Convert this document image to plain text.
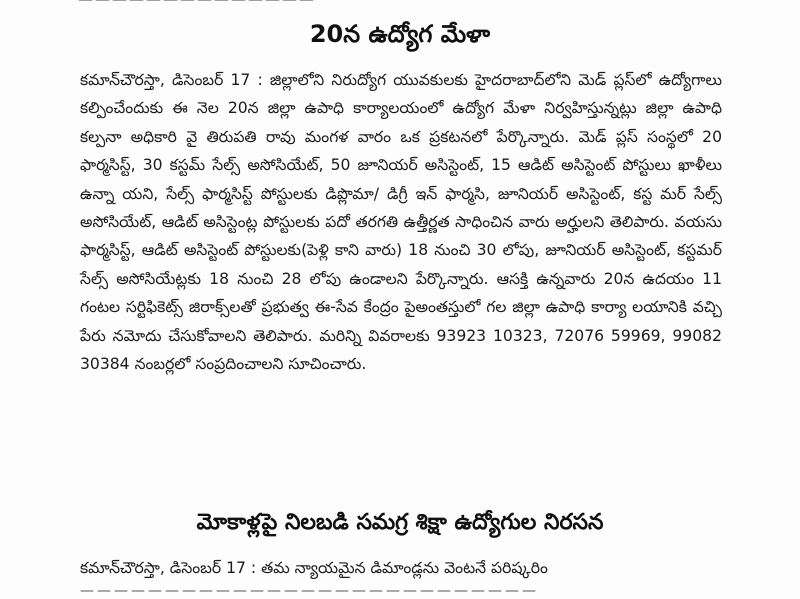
20న ఉద్యోగ మేళా

కమాన్‌చౌరస్తా, డిసెంబర్ 17 : జిల్లాలోని నిరుద్యోగ యువకులకు హైదరాబాద్‌లోని మెడ్ ప్లస్‌లో ఉద్యోగాలు కల్పించేందుకు ఈ నెల 20న జిల్లా ఉపాధి కార్యాలయంలో ఉద్యోగ మేళా నిర్వహిస్తున్నట్లు జిల్లా ఉపాధి కల్పనా అధికారి వై తిరుపతి రావు మంగళ వారం ఒక ప్రకటనలో పేర్కొన్నారు. మెడ్ ప్లస్ సంస్థలో 20 ఫార్మసిస్ట్, 30 కస్టమ్ సేల్స్ అసోసియేట్, 50 జూనియర్ అసిస్టెంట్, 15 ఆడిట్ అసిస్టెంట్ పోస్టులు ఖాళీలు ఉన్నా యని, సేల్స్ ఫార్మసిస్ట్ పోస్టులకు డిప్లొమా/ డిగ్రీ ఇన్ ఫార్మసి, జూనియర్ అసిస్టెంట్, కస్ట మర్ సేల్స్ అసోసియేట్, ఆడిట్ అసిస్టెంట్ల పోస్టులకు పదో తరగతి ఉత్తీర్ణత సాధించిన వారు అర్హులని తెలిపారు. వయసు ఫార్మసిస్ట్, ఆడిట్ అసిస్టెంట్ పోస్టులకు(పెళ్లి కాని వారు) 18 నుంచి 30 లోపు, జూనియర్ అసిస్టెంట్, కస్టమర్ సేల్స్ అసోసియేట్లకు 18 నుంచి 28 లోపు ఉండాలని పేర్కొన్నారు. ఆసక్తి ఉన్నవారు 20న ఉదయం 11 గంటల సర్టిఫికెట్స్ జిరాక్స్‌లతో ప్రభుత్వ ఈ-సేవ కేంద్రం పైఅంతస్తులో గల జిల్లా ఉపాధి కార్యా లయానికి వచ్చి పేరు నమోదు చేసుకోవాలని తెలిపారు. మరిన్ని వివరాలకు 93923 10323, 72076 59969, 99082 30384 నంబర్లలో సంప్రదించాలని సూచించారు.

మోకాళ్లపై నిలబడి సమగ్ర శిక్షా ఉద్యోగుల నిరసన
కమాన్‌చౌరస్తా, డిసెంబర్ 17 : తమ న్యాయమైన డిమాండ్లను వెంటనే పరిష్కరిం
———————————————————————————
